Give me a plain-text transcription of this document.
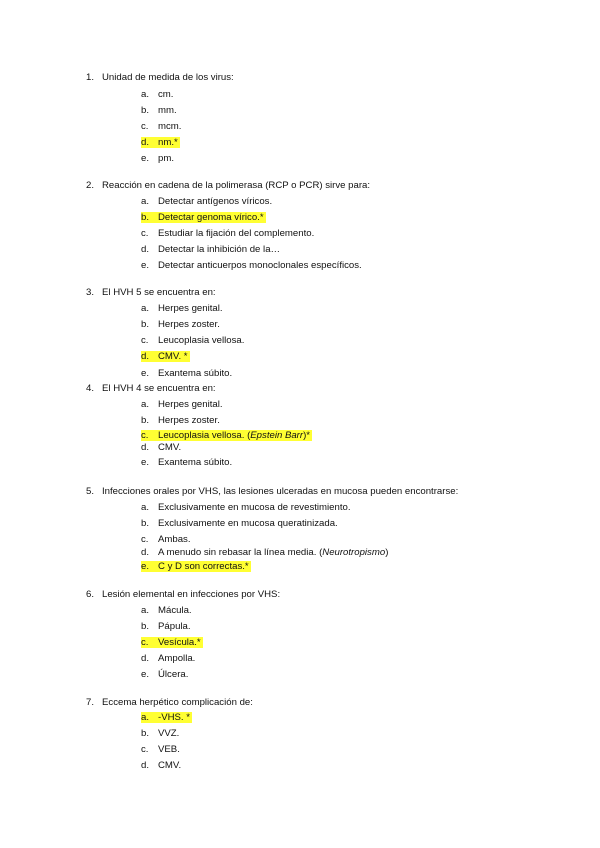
1. Unidad de medida de los virus:
a. cm.
b. mm.
c. mcm.
d. nm.*
e. pm.
2. Reacción en cadena de la polimerasa (RCP o PCR) sirve para:
a. Detectar antígenos víricos.
b. Detectar genoma vírico.*
c. Estudiar la fijación del complemento.
d. Detectar la inhibición de la…
e. Detectar anticuerpos monoclonales específicos.
3. El HVH 5 se encuentra en:
a. Herpes genital.
b. Herpes zoster.
c. Leucoplasia vellosa.
d. CMV. *
e. Exantema súbito.
4. El HVH 4 se encuentra en:
a. Herpes genital.
b. Herpes zoster.
c. Leucoplasia vellosa. (Epstein Barr)*
d. CMV.
e. Exantema súbito.
5. Infecciones orales por VHS, las lesiones ulceradas en mucosa pueden encontrarse:
a. Exclusivamente en mucosa de revestimiento.
b. Exclusivamente en mucosa queratinizada.
c. Ambas.
d. A menudo sin rebasar la línea media. (Neurotropismo)
e. C y D son correctas.*
6. Lesión elemental en infecciones por VHS:
a. Mácula.
b. Pápula.
c. Vesícula.*
d. Ampolla.
e. Úlcera.
7. Eccema herpético complicación de:
a. -VHS. *
b. VVZ.
c. VEB.
d. CMV.
